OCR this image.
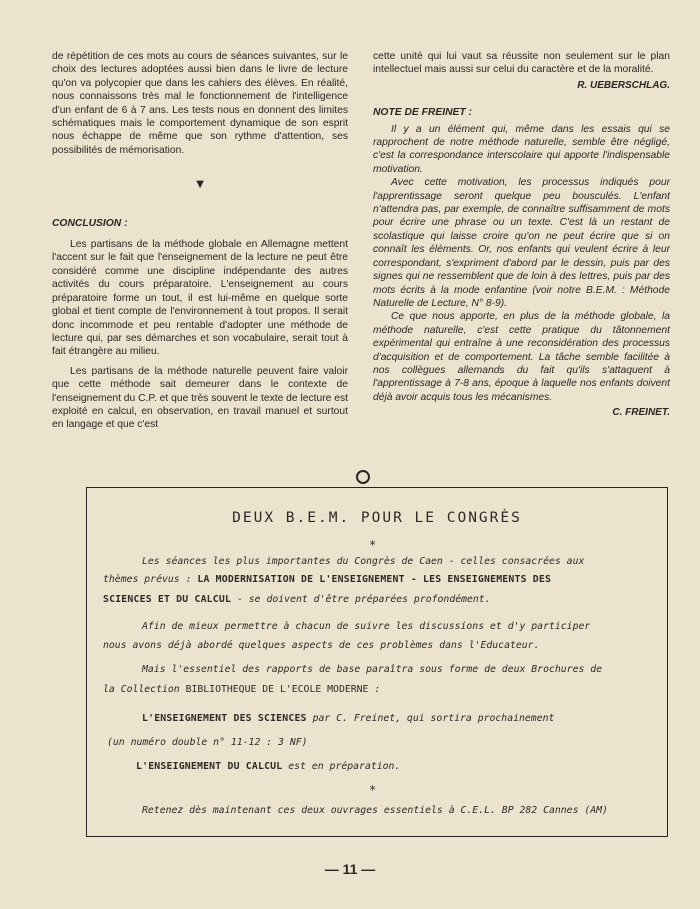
de répétition de ces mots au cours de séances suivantes, sur le choix des lectures adoptées aussi bien dans le livre de lecture qu'on va polycopier que dans les cahiers des élèves. En réalité, nous connaissons très mal le fonctionnement de l'intelligence d'un enfant de 6 à 7 ans. Les tests nous en donnent des limites schématiques mais le comportement dynamique de son esprit nous échappe de même que son rythme d'attention, ses possibilités de mémorisation.

▼

CONCLUSION :

Les partisans de la méthode globale en Allemagne mettent l'accent sur le fait que l'enseignement de la lecture ne peut être considéré comme une discipline indépendante des autres activités du cours préparatoire. L'enseignement au cours préparatoire forme un tout, il est lui-même en quelque sorte global et tient compte de l'environnement à tout propos. Il serait donc incommode et peu rentable d'adopter une méthode de lecture qui, par ses démarches et son vocabulaire, serait tout à fait étrangère au milieu.

Les partisans de la méthode naturelle peuvent faire valoir que cette méthode sait demeurer dans le contexte de l'enseignement du C.P. et que très souvent le texte de lecture est exploité en calcul, en observation, en travail manuel et surtout en langage et que c'est

cette unité qui lui vaut sa réussite non seulement sur le plan intellectuel mais aussi sur celui du caractère et de la moralité.

R. UEBERSCHLAG.

NOTE DE FREINET :

Il y a un élément qui, même dans les essais qui se rapprochent de notre méthode naturelle, semble être négligé, c'est la correspondance interscolaire qui apporte l'indispensable motivation.

Avec cette motivation, les processus indiqués pour l'apprentissage seront quelque peu bousculés. L'enfant n'attendra pas, par exemple, de connaître suffisamment de mots pour écrire une phrase ou un texte. C'est là un restant de scolastique qui laisse croire qu'on ne peut écrire que si on connaît les éléments. Or, nos enfants qui veulent écrire à leur correspondant, s'expriment d'abord par le dessin, puis par des signes qui ne ressemblent que de loin à des lettres, puis par des mots écrits à la mode enfantine (voir notre B.E.M. : Méthode Naturelle de Lecture, N° 8-9).

Ce que nous apporte, en plus de la méthode globale, la méthode naturelle, c'est cette pratique du tâtonnement expérimental qui entraîne à une reconsidération des processus d'acquisition et de comportement. La tâche semble facilitée à nos collègues allemands du fait qu'ils s'attaquent à l'apprentissage à 7-8 ans, époque à laquelle nos enfants doivent déjà avoir acquis tous les mécanismes.

C. FREINET.

DEUX B.E.M. POUR LE CONGRÈS
*
Les séances les plus importantes du Congrès de Caen - celles consacrées aux
thèmes prévus : LA MODERNISATION DE L'ENSEIGNEMENT - LES ENSEIGNEMENTS DES
SCIENCES ET DU CALCUL - se doivent d'être préparées profondément.
Afin de mieux permettre à chacun de suivre les discussions et d'y participer
nous avons déjà abordé quelques aspects de ces problèmes dans l'Educateur.
Mais l'essentiel des rapports de base paraîtra sous forme de deux Brochures de
la Collection BIBLIOTHEQUE DE L'ECOLE MODERNE :
L'ENSEIGNEMENT DES SCIENCES par C. Freinet, qui sortira prochainement
(un numéro double n° 11-12 : 3 NF)
L'ENSEIGNEMENT DU CALCUL est en préparation.
*
Retenez dès maintenant ces deux ouvrages essentiels à C.E.L. BP 282 Cannes (AM)
— 11 —
